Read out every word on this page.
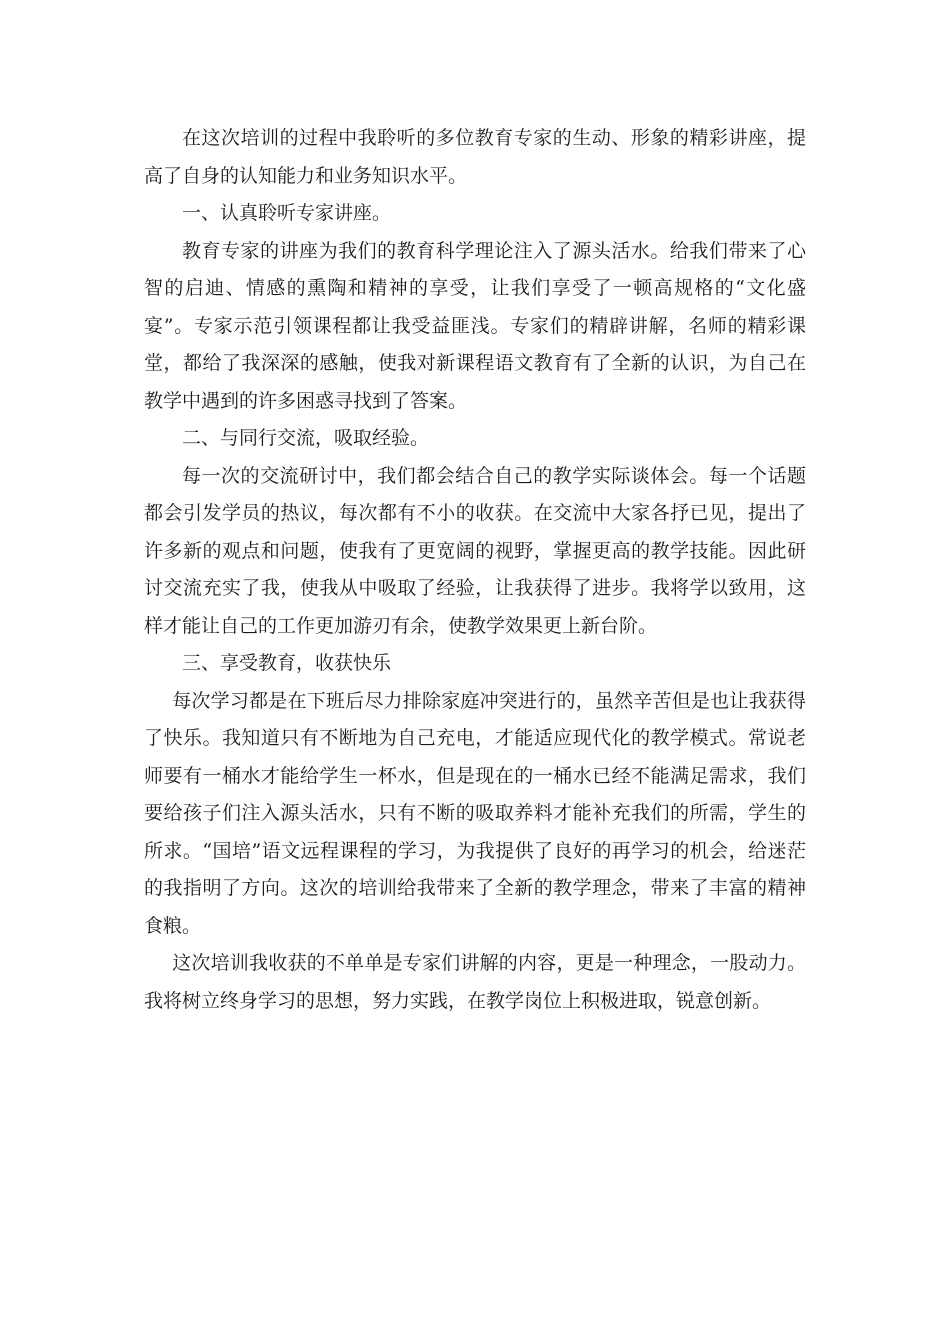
在这次培训的过程中我聆听的多位教育专家的生动、形象的精彩讲座，提高了自身的认知能力和业务知识水平。

一、认真聆听专家讲座。

教育专家的讲座为我们的教育科学理论注入了源头活水。给我们带来了心智的启迪、情感的熏陶和精神的享受，让我们享受了一顿高规格的“文化盛宴”。专家示范引领课程都让我受益匪浅。专家们的精辟讲解，名师的精彩课堂，都给了我深深的感触，使我对新课程语文教育有了全新的认识，为自己在教学中遇到的许多困惑寻找到了答案。

二、与同行交流，吸取经验。

每一次的交流研讨中，我们都会结合自己的教学实际谈体会。每一个话题都会引发学员的热议，每次都有不小的收获。在交流中大家各抒已见，提出了许多新的观点和问题，使我有了更宽阔的视野，掌握更高的教学技能。因此研讨交流充实了我，使我从中吸取了经验，让我获得了进步。我将学以致用，这样才能让自己的工作更加游刃有余，使教学效果更上新台阶。

三、享受教育，收获快乐

每次学习都是在下班后尽力排除家庭冲突进行的，虽然辛苦但是也让我获得了快乐。我知道只有不断地为自己充电，才能适应现代化的教学模式。常说老师要有一桶水才能给学生一杯水，但是现在的一桶水已经不能满足需求，我们要给孩子们注入源头活水，只有不断的吸取养料才能补充我们的所需，学生的所求。“国培”语文远程课程的学习，为我提供了良好的再学习的机会，给迷茫的我指明了方向。这次的培训给我带来了全新的教学理念，带来了丰富的精神食粮。

这次培训我收获的不单单是专家们讲解的内容，更是一种理念，一股动力。我将树立终身学习的思想，努力实践，在教学岗位上积极进取，锐意创新。
